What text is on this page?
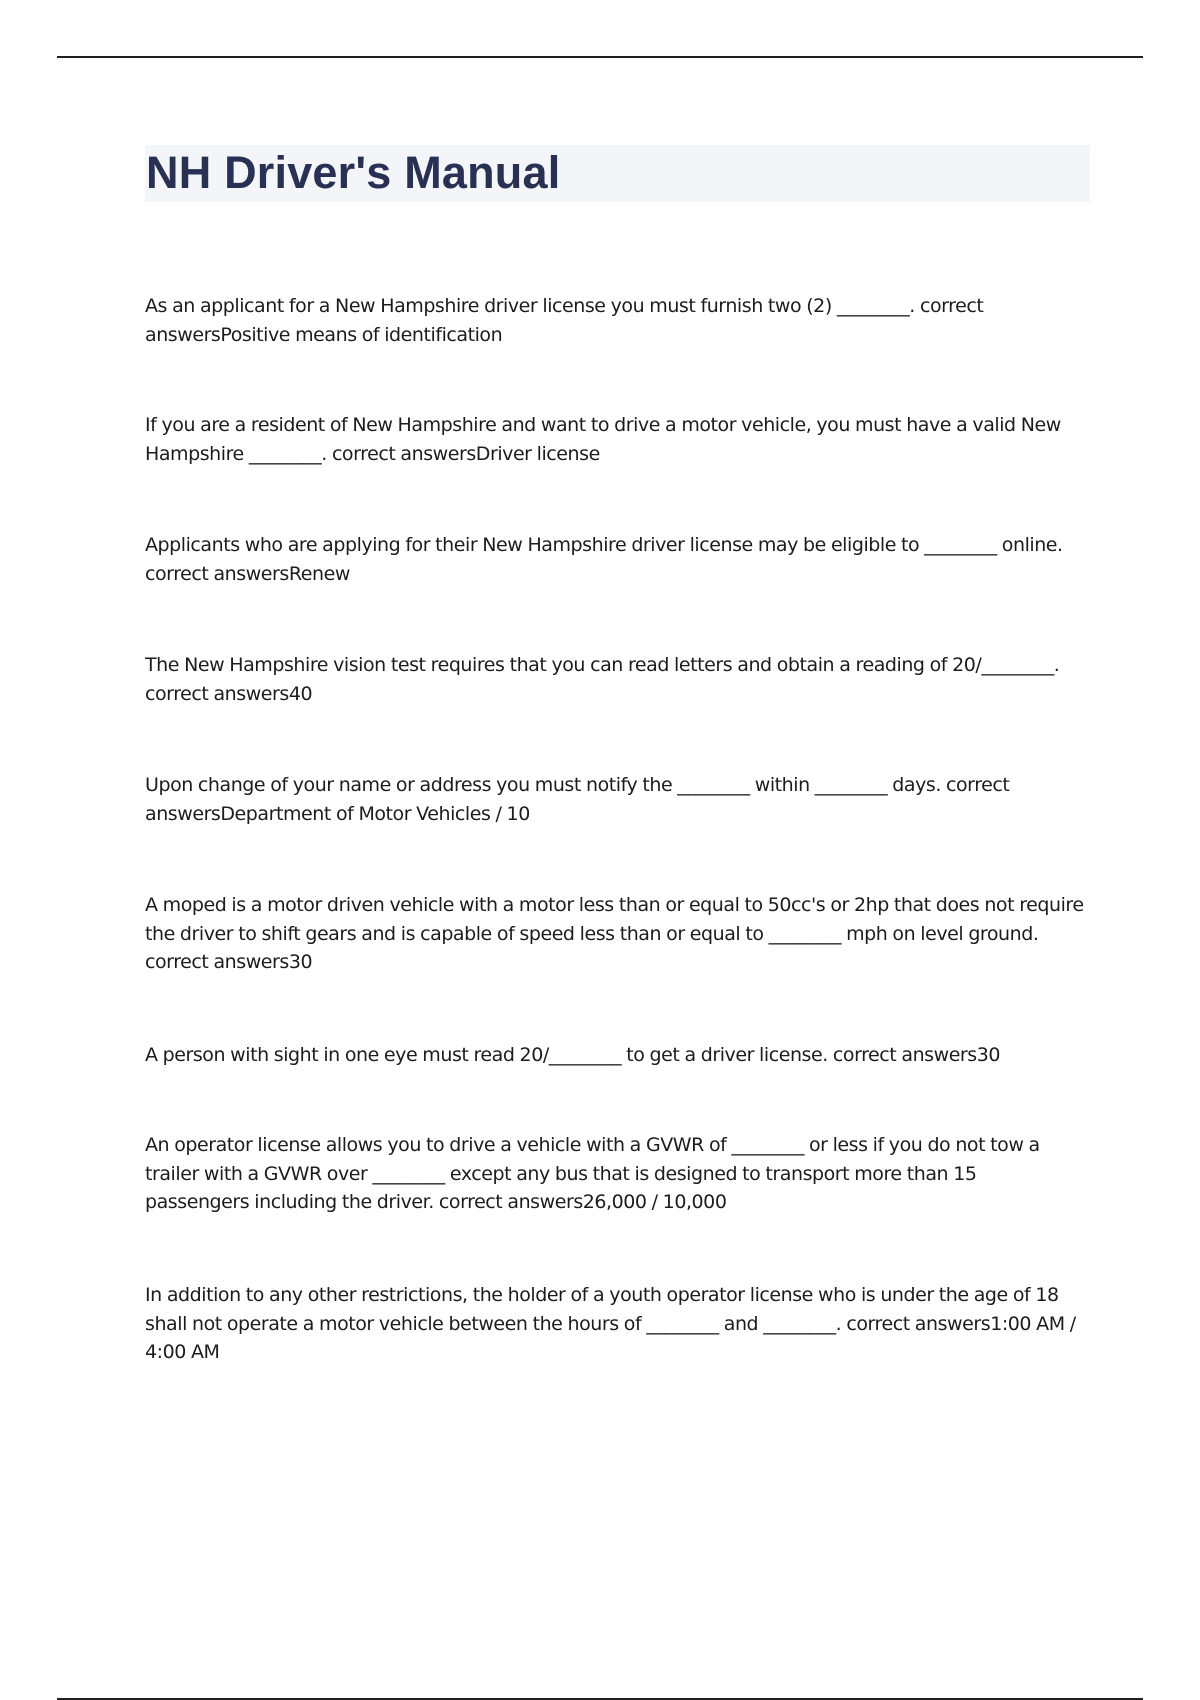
NH Driver's Manual

As an applicant for a New Hampshire driver license you must furnish two (2) ________. correct answersPositive means of identification

If you are a resident of New Hampshire and want to drive a motor vehicle, you must have a valid New Hampshire ________. correct answersDriver license

Applicants who are applying for their New Hampshire driver license may be eligible to ________ online. correct answersRenew

The New Hampshire vision test requires that you can read letters and obtain a reading of 20/________. correct answers40

Upon change of your name or address you must notify the ________ within ________ days. correct answersDepartment of Motor Vehicles / 10

A moped is a motor driven vehicle with a motor less than or equal to 50cc's or 2hp that does not require the driver to shift gears and is capable of speed less than or equal to ________ mph on level ground. correct answers30

A person with sight in one eye must read 20/________ to get a driver license. correct answers30

An operator license allows you to drive a vehicle with a GVWR of ________ or less if you do not tow a trailer with a GVWR over ________ except any bus that is designed to transport more than 15 passengers including the driver. correct answers26,000 / 10,000

In addition to any other restrictions, the holder of a youth operator license who is under the age of 18 shall not operate a motor vehicle between the hours of ________ and ________. correct answers1:00 AM / 4:00 AM
